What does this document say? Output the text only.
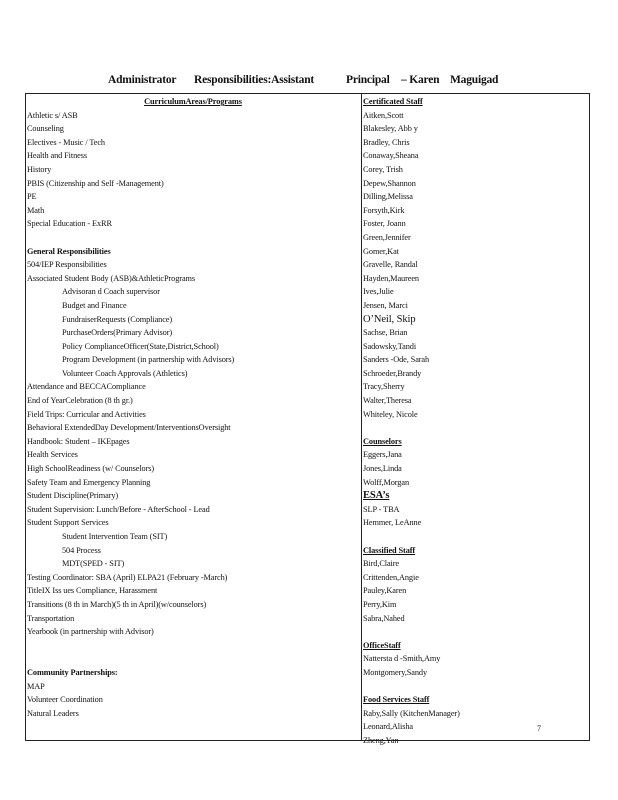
Administrator Responsibilities:Assistant	Principal – Karen Maguigad
CurriculumAreas/Programs
Athletic s/ ASB
Counseling
Electives - Music / Tech
Health and Fitness
History
PBIS (Citizenship and Self -Management)
PE
Math
Special Education - ExRR
General Responsibilities
504/IEP Responsibilities
Associated Student Body (ASB)&AthleticPrograms
Advisoran d Coach supervisor
Budget and Finance
FundraiserRequests (Compliance)
PurchaseOrders(Primary Advisor)
Policy ComplianceOfficer(State,District,School)
Program Development (in partnership with Advisors)
Volunteer Coach Approvals (Athletics)
Attendance and BECCACompliance
End of YearCelebration (8 th gr.)
Field Trips: Curricular and Activities
Behavioral ExtendedDay Development/InterventionsOversight
Handbook: Student – IKEpages
Health Services
High SchoolReadiness (w/ Counselors)
Safety Team and Emergency Planning
Student Discipline(Primary)
Student Supervision: Lunch/Before - AfterSchool - Lead
Student Support Services
Student Intervention Team (SIT)
504 Process
MDT(SPED - SIT)
Testing Coordinator: SBA (April) ELPA21 (February -March)
TitleIX Iss ues Compliance, Harassment
Transitions (8 th in March)(5 th in April)(w/counselors)
Transportation
Yearbook (in partnership with Advisor)
Community Partnerships:
MAP
Volunteer Coordination
Natural Leaders
Certificated Staff
Aitken,Scott
Blakesley, Abb y
Bradley, Chris
Conaway,Sheana
Corey, Trish
Depew,Shannon
Dilling,Melissa
Forsyth,Kirk
Foster, Joann
Green,Jennifer
Gomer,Kat
Gravelle, Randal
Hayden,Maureen
Ives,Julie
Jensen, Marci
O’Neil, Skip
Sachse, Brian
Sadowsky,Tandi
Sanders -Ode, Sarah
Schroeder,Brandy
Tracy,Sherry
Walter,Theresa
Whiteley, Nicole
Counselors
Eggers,Jana
Jones,Linda
Wolff,Morgan
ESA’s
SLP - TBA
Hemmer, LeAnne
Classified Staff
Bird,Claire
Crittenden,Angie
Pauley,Karen
Perry,Kim
Sabra,Nahed
OfficeStaff
Nattersta d -Smith,Amy
Montgomery,Sandy
Food Services Staff
Raby,Sally (KitchenManager)
Leonard,Alisha
Zheng,Yan
7
